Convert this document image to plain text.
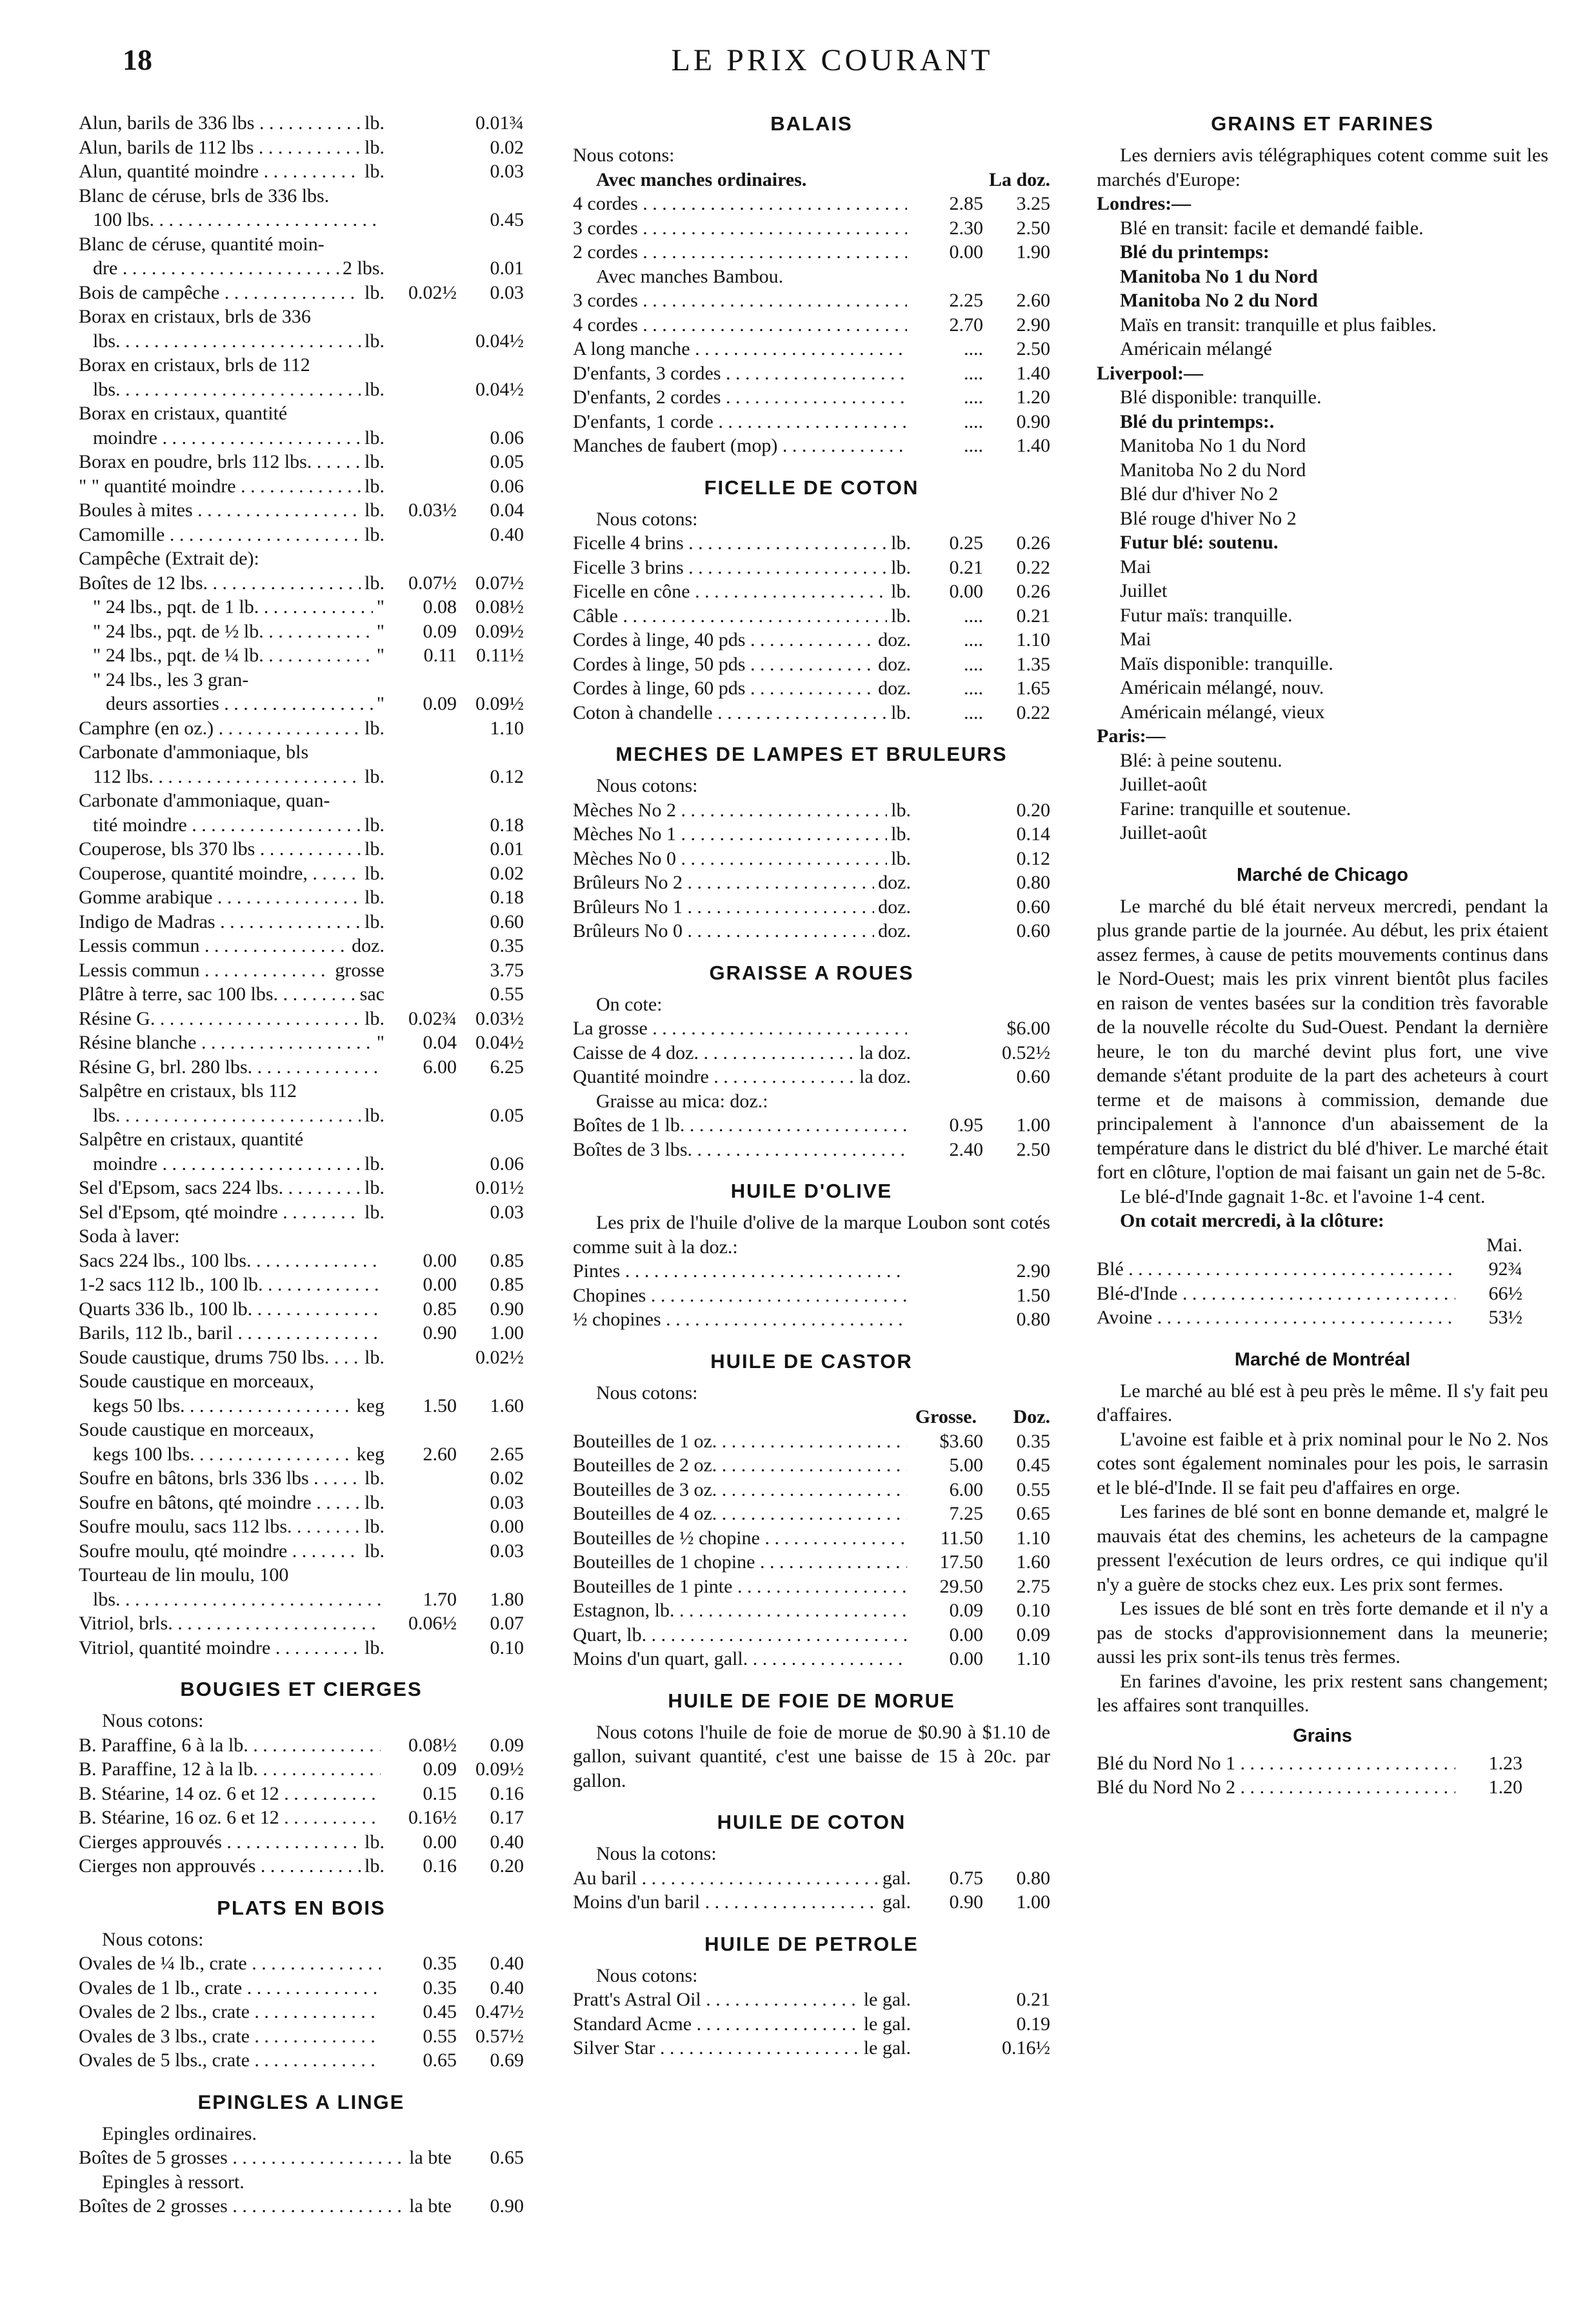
18	LE PRIX COURANT
Alun, barils de 336 lbs . . .	lb.	0.01¾
Alun, barils de 112 lbs . . .	lb.	0.02
Alun, quantité moindre . . .	lb.	0.03
Blanc de céruse, brls de 336 lbs.
100 lbs. . . .	0.45
Blanc de céruse, quantité moin-
dre . . .	2 lbs.	0.01
Bois de campêche . . .	lb.	0.02½	0.03
Borax en cristaux, brls de 336
lbs. . . .	lb.	0.04½
Borax en cristaux, brls de 112
lbs. . . .	lb.	0.04½
Borax en cristaux, quantité
moindre . . .	lb.	0.06
Borax en poudre, brls 112 lbs. . . .	lb.	0.05
" " quantité moindre . . .	lb.	0.06
Boules à mites . . .	lb.	0.03½	0.04
Camomille . . .	lb.	0.40
Campêche (Extrait de):
Boîtes de 12 lbs. . . .	lb.	0.07½ 0.07½
" 24 lbs., pqt. de 1 lb. . . .	"	0.08 0.08½
" 24 lbs., pqt. de ½ lb. . . .	"	0.09 0.09½
" 24 lbs., pqt. de ¼ lb. . . .	"	0.11	0.11½
" 24 lbs., les 3 gran-
deurs assorties . . .	"	0.09 0.09½
Camphre (en oz.) . . .	lb.	1.10
Carbonate d'ammoniaque, bls
112 lbs. . . .	lb.	0.12
Carbonate d'ammoniaque, quan-
tité moindre . . .	lb.	0.18
Couperose, bls 370 lbs . . .	lb.	0.01
Couperose, quantité moindre, . . .	lb.	0.02
Gomme arabique . . .	lb.	0.18
Indigo de Madras . . .	lb.	0.60
Lessis commun . . .	doz.	0.35
Lessis commun . . .	grosse	3.75
Plâtre à terre, sac 100 lbs. . . .	sac	0.55
Résine G. . . .	lb.	0.02¾ 0.03½
Résine blanche . . .	"	0.04 0.04½
Résine G, brl. 280 lbs. . . .	6.00	6.25
Salpêtre en cristaux, bls 112
lbs. . . .	lb.	0.05
Salpêtre en cristaux, quantité
moindre . . .	lb.	0.06
Sel d'Epsom, sacs 224 lbs. . . .	lb.	0.01½
Sel d'Epsom, qté moindre . . .	lb.	0.03
Soda à laver:
Sacs 224 lbs., 100 lbs. . . .	0.00	0.85
1-2 sacs 112 lb., 100 lb. . . .	0.00	0.85
Quarts 336 lb., 100 lb. . . .	0.85	0.90
Barils, 112 lb., baril . . .	0.90	1.00
Soude caustique, drums 750 lbs. . . .	lb.	0.02½
Soude caustique en morceaux,
kegs 50 lbs. . . .	keg	1.50	1.60
Soude caustique en morceaux,
kegs 100 lbs. . . .	keg	2.60	2.65
Soufre en bâtons, brls 336 lbs . . .	lb.	0.02
Soufre en bâtons, qté moindre . . .	lb.	0.03
Soufre moulu, sacs 112 lbs. . . .	lb.	0.00
Soufre moulu, qté moindre . . .	lb.	0.03
Tourteau de lin moulu, 100
lbs. . . .	1.70	1.80
Vitriol, brls. . . .	0.06½	0.07
Vitriol, quantité moindre . . .	lb.	0.10
BOUGIES ET CIERGES
Nous cotons:
B. Paraffine, 6 à la lb. . . .	0.08½	0.09
B. Paraffine, 12 à la lb. . . .	0.09 0.09½
B. Stéarine, 14 oz. 6 et 12 . . .	0.15	0.16
B. Stéarine, 16 oz. 6 et 12 . . .	0.16½	0.17
Cierges approuvés . . .	lb.	0.00	0.40
Cierges non approuvés . . .	lb.	0.16	0.20
PLATS EN BOIS
Nous cotons:
Ovales de ¼ lb., crate . . .	0.35	0.40
Ovales de 1 lb., crate . . .	0.35	0.40
Ovales de 2 lbs., crate . . .	0.45 0.47½
Ovales de 3 lbs., crate . . .	0.55 0.57½
Ovales de 5 lbs., crate . . .	0.65	0.69
EPINGLES A LINGE
Epingles ordinaires.
Boîtes de 5 grosses . . .	la bte	0.65
Epingles à ressort.
Boîtes de 2 grosses . . .	la bte	0.90
BALAIS
Nous cotons:
Avec manches ordinaires.	La doz.
4 cordes . . .	2.85	3.25
3 cordes . . .	2.30	2.50
2 cordes . . .	0.00	1.90
Avec manches Bambou.
3 cordes . . .	2.25	2.60
4 cordes . . .	2.70	2.90
A long manche . . .	....	2.50
D'enfants, 3 cordes . . .	....	1.40
D'enfants, 2 cordes . . .	....	1.20
D'enfants, 1 corde . . .	....	0.90
Manches de faubert (mop) . . .	....	1.40
FICELLE DE COTON
Nous cotons:
Ficelle 4 brins . . .	lb.	0.25	0.26
Ficelle 3 brins . . .	lb.	0.21	0.22
Ficelle en cône . . .	lb.	0.00	0.26
Câble . . .	lb.	....	0.21
Cordes à linge, 40 pds . . .	doz.	....	1.10
Cordes à linge, 50 pds . . .	doz.	....	1.35
Cordes à linge, 60 pds . . .	doz.	....	1.65
Coton à chandelle . . .	lb.	....	0.22
MECHES DE LAMPES ET BRULEURS
Nous cotons:
Mèches No 2 . . .	lb.	0.20
Mèches No 1 . . .	lb.	0.14
Mèches No 0 . . .	lb.	0.12
Brûleurs No 2 . . .	doz.	0.80
Brûleurs No 1 . . .	doz.	0.60
Brûleurs No 0 . . .	doz.	0.60
GRAISSE A ROUES
On cote:
La grosse . . .	$6.00
Caisse de 4 doz. . . .	la doz.	0.52½
Quantité moindre . . .	la doz.	0.60
Graisse au mica: doz.:
Boîtes de 1 lb. . . .	0.95	1.00
Boîtes de 3 lbs. . . .	2.40	2.50
HUILE D'OLIVE
Les prix de l'huile d'olive de la marque Loubon sont cotés comme suit à la doz.:
Pintes . . .	2.90
Chopines . . .	1.50
½ chopines . . .	0.80
HUILE DE CASTOR
Nous cotons:
Grosse.	Doz.
Bouteilles de 1 oz. . . .	$3.60	0.35
Bouteilles de 2 oz. . . .	5.00	0.45
Bouteilles de 3 oz. . . .	6.00	0.55
Bouteilles de 4 oz. . . .	7.25	0.65
Bouteilles de ½ chopine . . .	11.50	1.10
Bouteilles de 1 chopine . . .	17.50	1.60
Bouteilles de 1 pinte . . .	29.50	2.75
Estagnon, lb. . . .	0.09	0.10
Quart, lb. . . .	0.00	0.09
Moins d'un quart, gall. . . .	0.00	1.10
HUILE DE FOIE DE MORUE
Nous cotons l'huile de foie de morue de $0.90 à $1.10 de gallon, suivant quantité, c'est une baisse de 15 à 20c. par gallon.
HUILE DE COTON
Nous la cotons:
Au baril . . .	gal.	0.75	0.80
Moins d'un baril . . .	gal.	0.90	1.00
HUILE DE PETROLE
Nous cotons:
Pratt's Astral Oil . . .	le gal.	0.21
Standard Acme . . .	le gal.	0.19
Silver Star . . .	le gal.	0.16½
GRAINS ET FARINES
Les derniers avis télégraphiques cotent comme suit les marchés d'Europe:
Londres:—
Blé en transit: facile et demandé faible.
Blé du printemps:
Manitoba No 1 du Nord
Manitoba No 2 du Nord
Maïs en transit: tranquille et plus faibles.
Américain mélangé
Liverpool:—
Blé disponible: tranquille.
Blé du printemps:.
Manitoba No 1 du Nord
Manitoba No 2 du Nord
Blé dur d'hiver No 2
Blé rouge d'hiver No 2
Futur blé: soutenu.
Mai
Juillet
Futur maïs: tranquille.
Mai
Maïs disponible: tranquille.
Américain mélangé, nouv.
Américain mélangé, vieux
Paris:—
Blé: à peine soutenu.
Juillet-août
Farine: tranquille et soutenue.
Juillet-août
Marché de Chicago
Le marché du blé était nerveux mercredi, pendant la plus grande partie de la journée. Au début, les prix étaient assez fermes, à cause de petits mouvements continus dans le Nord-Ouest; mais les prix vinrent bientôt plus faciles en raison de ventes basées sur la condition très favorable de la nouvelle récolte du Sud-Ouest. Pendant la dernière heure, le ton du marché devint plus fort, une vive demande s'étant produite de la part des acheteurs à court terme et de maisons à commission, demande due principalement à l'annonce d'un abaissement de la température dans le district du blé d'hiver. Le marché était fort en clôture, l'option de mai faisant un gain net de 5-8c.
Le blé-d'Inde gagnait 1-8c. et l'avoine 1-4 cent.
On cotait mercredi, à la clôture:
Mai.
Blé . . .	92¾
Blé-d'Inde . . .	66½
Avoine . . .	53½
Marché de Montréal
Le marché au blé est à peu près le même. Il s'y fait peu d'affaires.
L'avoine est faible et à prix nominal pour le No 2. Nos cotes sont également nominales pour les pois, le sarrasin et le blé-d'Inde. Il se fait peu d'affaires en orge.
Les farines de blé sont en bonne demande et, malgré le mauvais état des chemins, les acheteurs de la campagne pressent l'exécution de leurs ordres, ce qui indique qu'il n'y a guère de stocks chez eux. Les prix sont fermes.
Les issues de blé sont en très forte demande et il n'y a pas de stocks d'approvisionnement dans la meunerie; aussi les prix sont-ils tenus très fermes.
En farines d'avoine, les prix restent sans changement; les affaires sont tranquilles.
Grains
Blé du Nord No 1 . . .	1.23
Blé du Nord No 2 . . .	1.20
